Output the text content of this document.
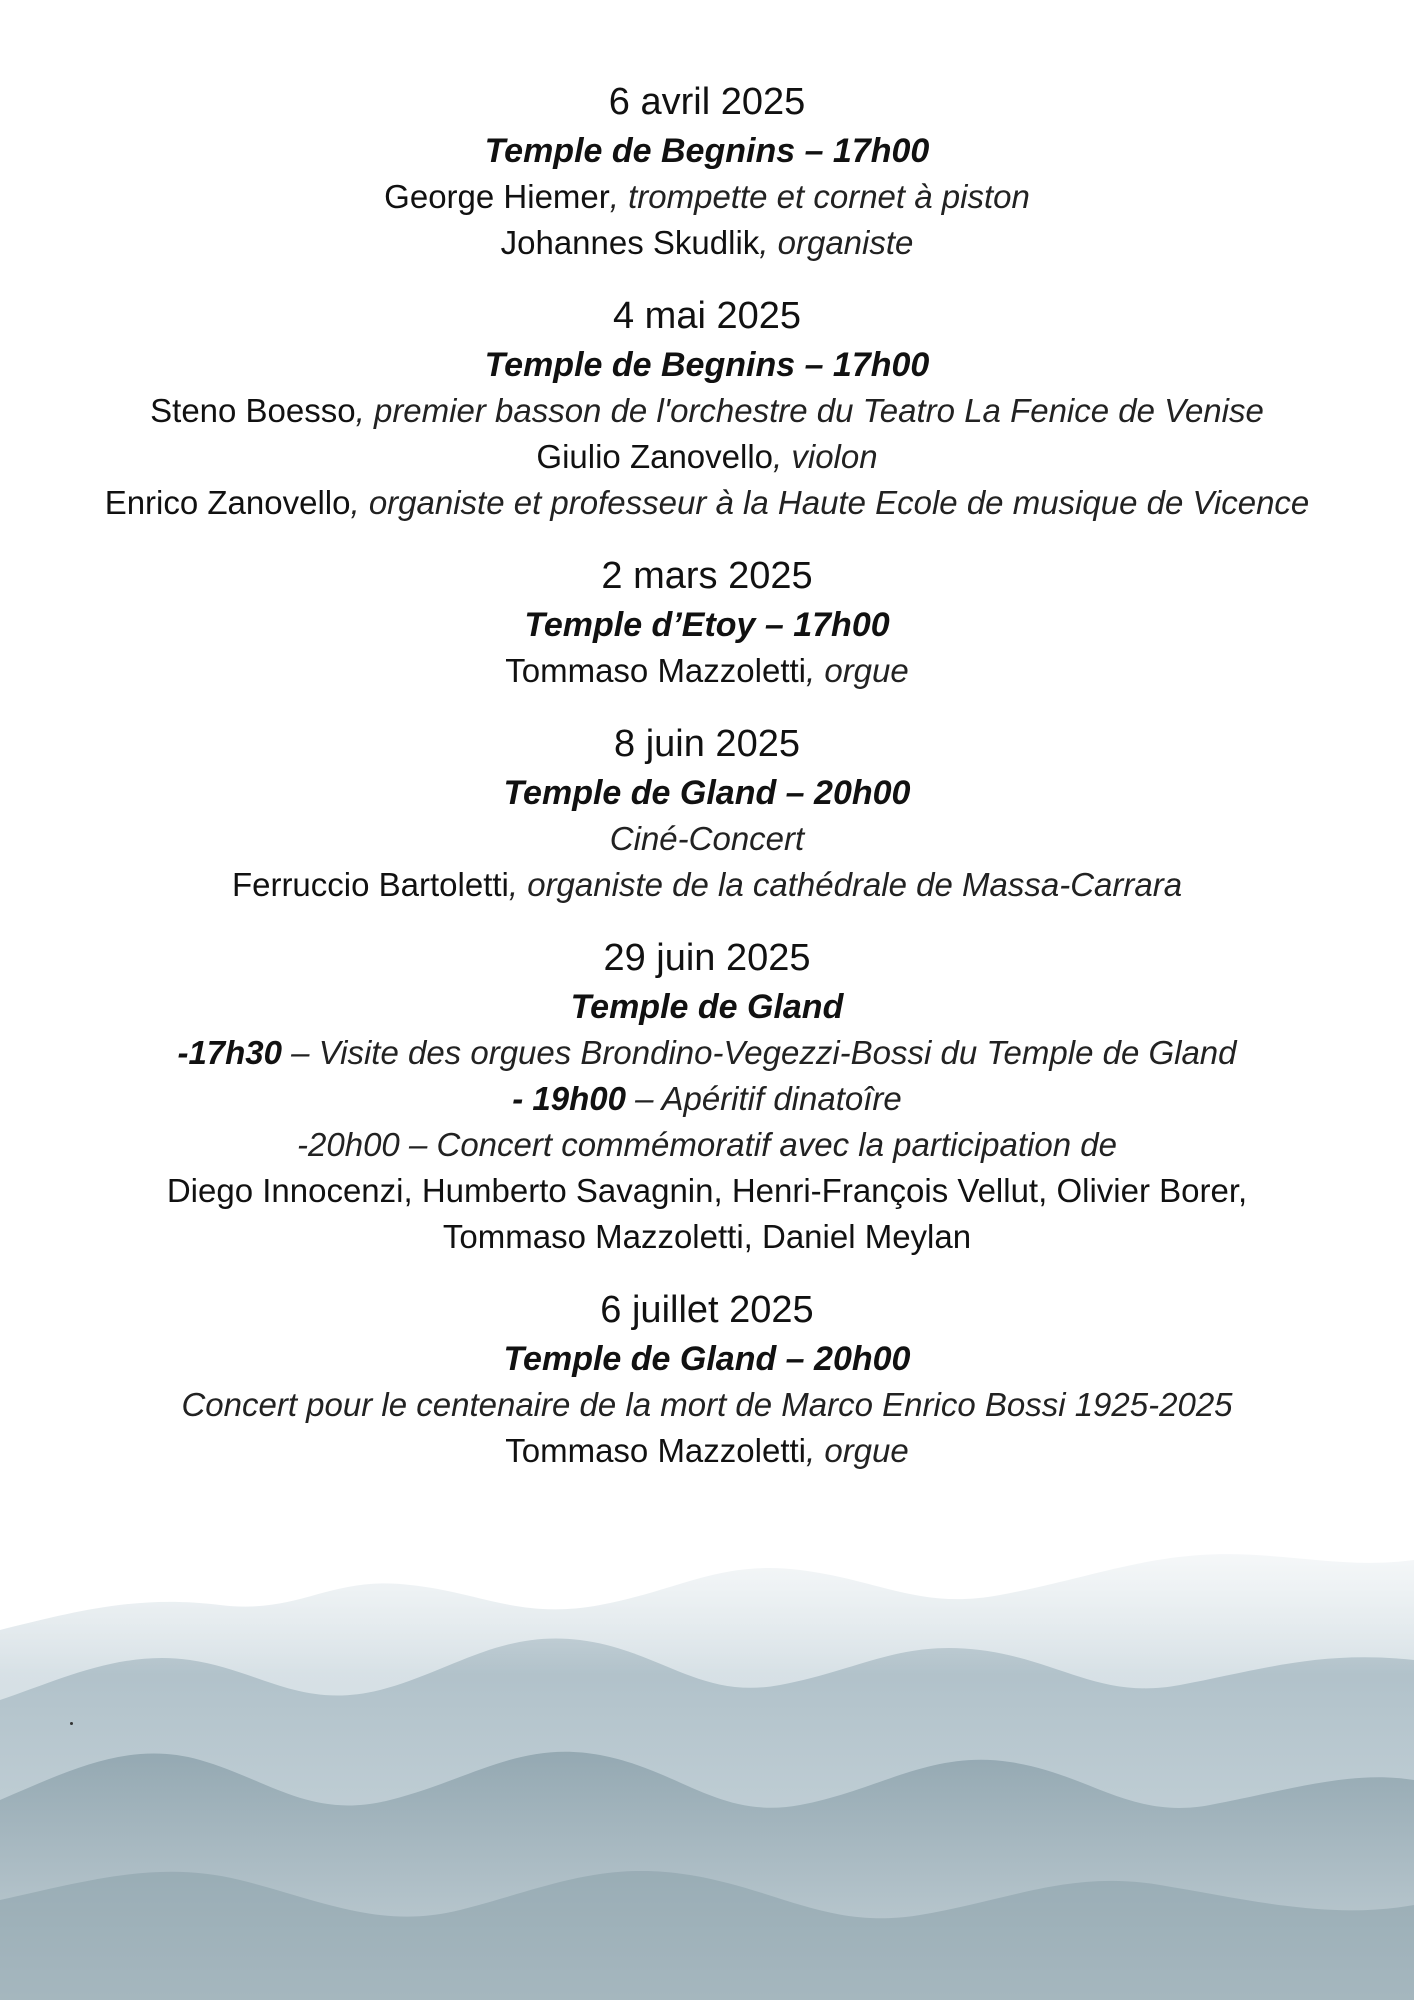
6 avril 2025
Temple de Begnins – 17h00
George Hiemer, trompette et cornet à piston
Johannes Skudlik, organiste
4 mai 2025
Temple de Begnins – 17h00
Steno Boesso, premier basson de l'orchestre du Teatro La Fenice de Venise
Giulio Zanovello, violon
Enrico Zanovello, organiste et professeur à la Haute Ecole de musique de Vicence
2 mars 2025
Temple d’Etoy – 17h00
Tommaso Mazzoletti, orgue
8 juin 2025
Temple de Gland – 20h00
Ciné-Concert
Ferruccio Bartoletti, organiste de la cathédrale de Massa-Carrara
29 juin 2025
Temple de Gland
-17h30 – Visite des orgues Brondino-Vegezzi-Bossi du Temple de Gland
- 19h00 – Apéritif dinatoîre
-20h00 – Concert commémoratif avec la participation de
Diego Innocenzi, Humberto Savagnin, Henri-François Vellut, Olivier Borer,
Tommaso Mazzoletti, Daniel Meylan
6 juillet 2025
Temple de Gland – 20h00
Concert pour le centenaire de la mort de Marco Enrico Bossi 1925-2025
Tommaso Mazzoletti, orgue
